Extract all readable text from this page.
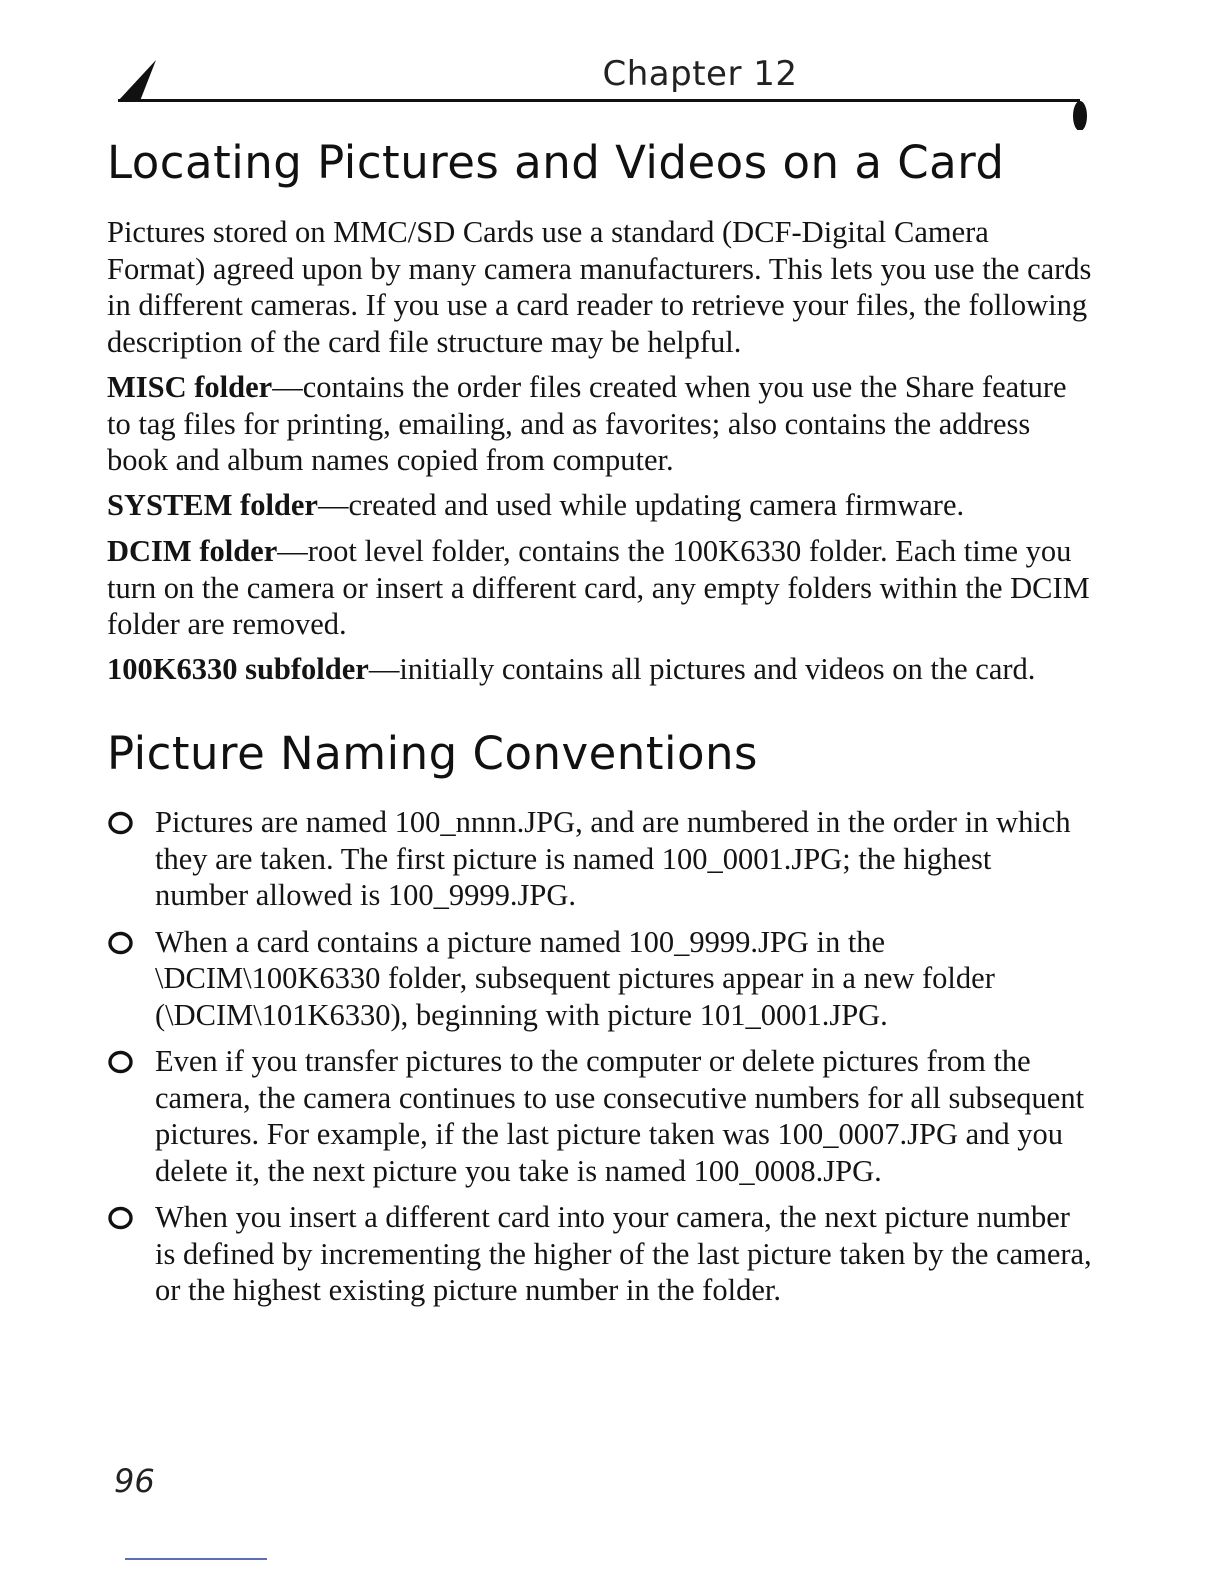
Chapter 12
Locating Pictures and Videos on a Card

Pictures stored on MMC/SD Cards use a standard (DCF-Digital Camera Format) agreed upon by many camera manufacturers. This lets you use the cards in different cameras. If you use a card reader to retrieve your files, the following description of the card file structure may be helpful.

MISC folder—contains the order files created when you use the Share feature to tag files for printing, emailing, and as favorites; also contains the address book and album names copied from computer.

SYSTEM folder—created and used while updating camera firmware.

DCIM folder—root level folder, contains the 100K6330 folder. Each time you turn on the camera or insert a different card, any empty folders within the DCIM folder are removed.

100K6330 subfolder—initially contains all pictures and videos on the card.

Picture Naming Conventions
Pictures are named 100_nnnn.JPG, and are numbered in the order in which they are taken. The first picture is named 100_0001.JPG; the highest number allowed is 100_9999.JPG.
When a card contains a picture named 100_9999.JPG in the \DCIM\100K6330 folder, subsequent pictures appear in a new folder (\DCIM\101K6330), beginning with picture 101_0001.JPG.
Even if you transfer pictures to the computer or delete pictures from the camera, the camera continues to use consecutive numbers for all subsequent pictures. For example, if the last picture taken was 100_0007.JPG and you delete it, the next picture you take is named 100_0008.JPG.
When you insert a different card into your camera, the next picture number is defined by incrementing the higher of the last picture taken by the camera, or the highest existing picture number in the folder.
96
